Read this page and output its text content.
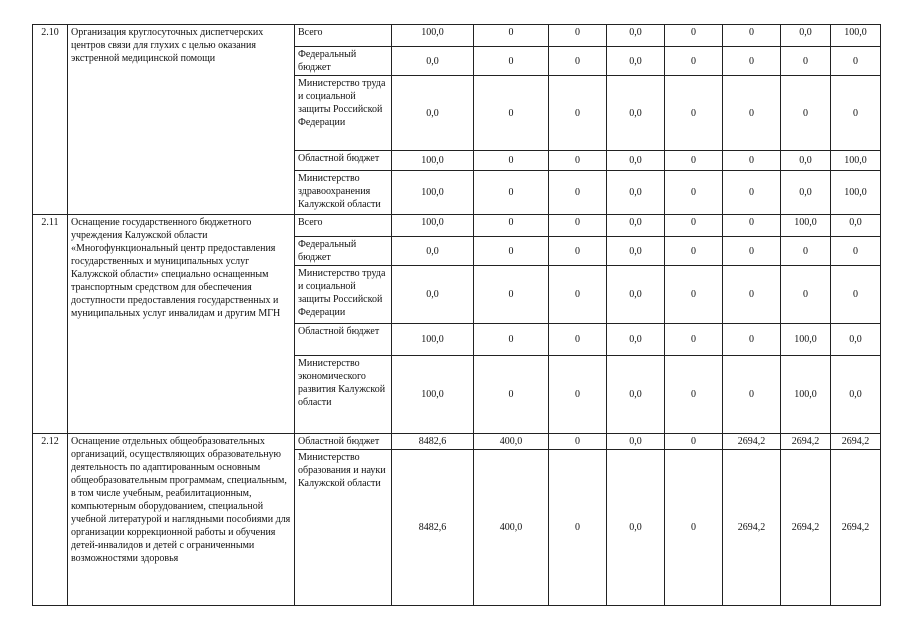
2.10	Организация круглосуточных диспетчерских центров связи для глухих с целью оказания экстренной медицинской помощи	Всего	100,0	0	0	0,0	0	0	0,0	100,0
		Федеральный бюджет	0,0	0	0	0,0	0	0	0	0
		Министерство труда и социальной защиты Российской Федерации	0,0	0	0	0,0	0	0	0	0
		Областной бюджет	100,0	0	0	0,0	0	0	0,0	100,0
		Министерство здравоохранения Калужской области	100,0	0	0	0,0	0	0	0,0	100,0
2.11	Оснащение государственного бюджетного учреждения Калужской области «Многофункциональный центр предоставления государственных и муниципальных услуг Калужской области» специально оснащенным транспортным средством для обеспечения доступности предоставления государственных и муниципальных услуг инвалидам и другим МГН	Всего	100,0	0	0	0,0	0	0	100,0	0,0
		Федеральный бюджет	0,0	0	0	0,0	0	0	0	0
		Министерство труда и социальной защиты Российской Федерации	0,0	0	0	0,0	0	0	0	0
		Областной бюджет	100,0	0	0	0,0	0	0	100,0	0,0
		Министерство экономического развития Калужской области	100,0	0	0	0,0	0	0	100,0	0,0
2.12	Оснащение отдельных общеобразовательных организаций, осуществляющих образовательную деятельность по адаптированным основным общеобразовательным программам, специальным, в том числе учебным, реабилитационным, компьютерным оборудованием, специальной учебной литературой и наглядными пособиями для организации коррекционной работы и обучения детей-инвалидов и детей с ограниченными возможностями здоровья	Областной бюджет	8482,6	400,0	0	0,0	0	2694,2	2694,2	2694,2
		Министерство образования и науки Калужской области	8482,6	400,0	0	0,0	0	2694,2	2694,2	2694,2
